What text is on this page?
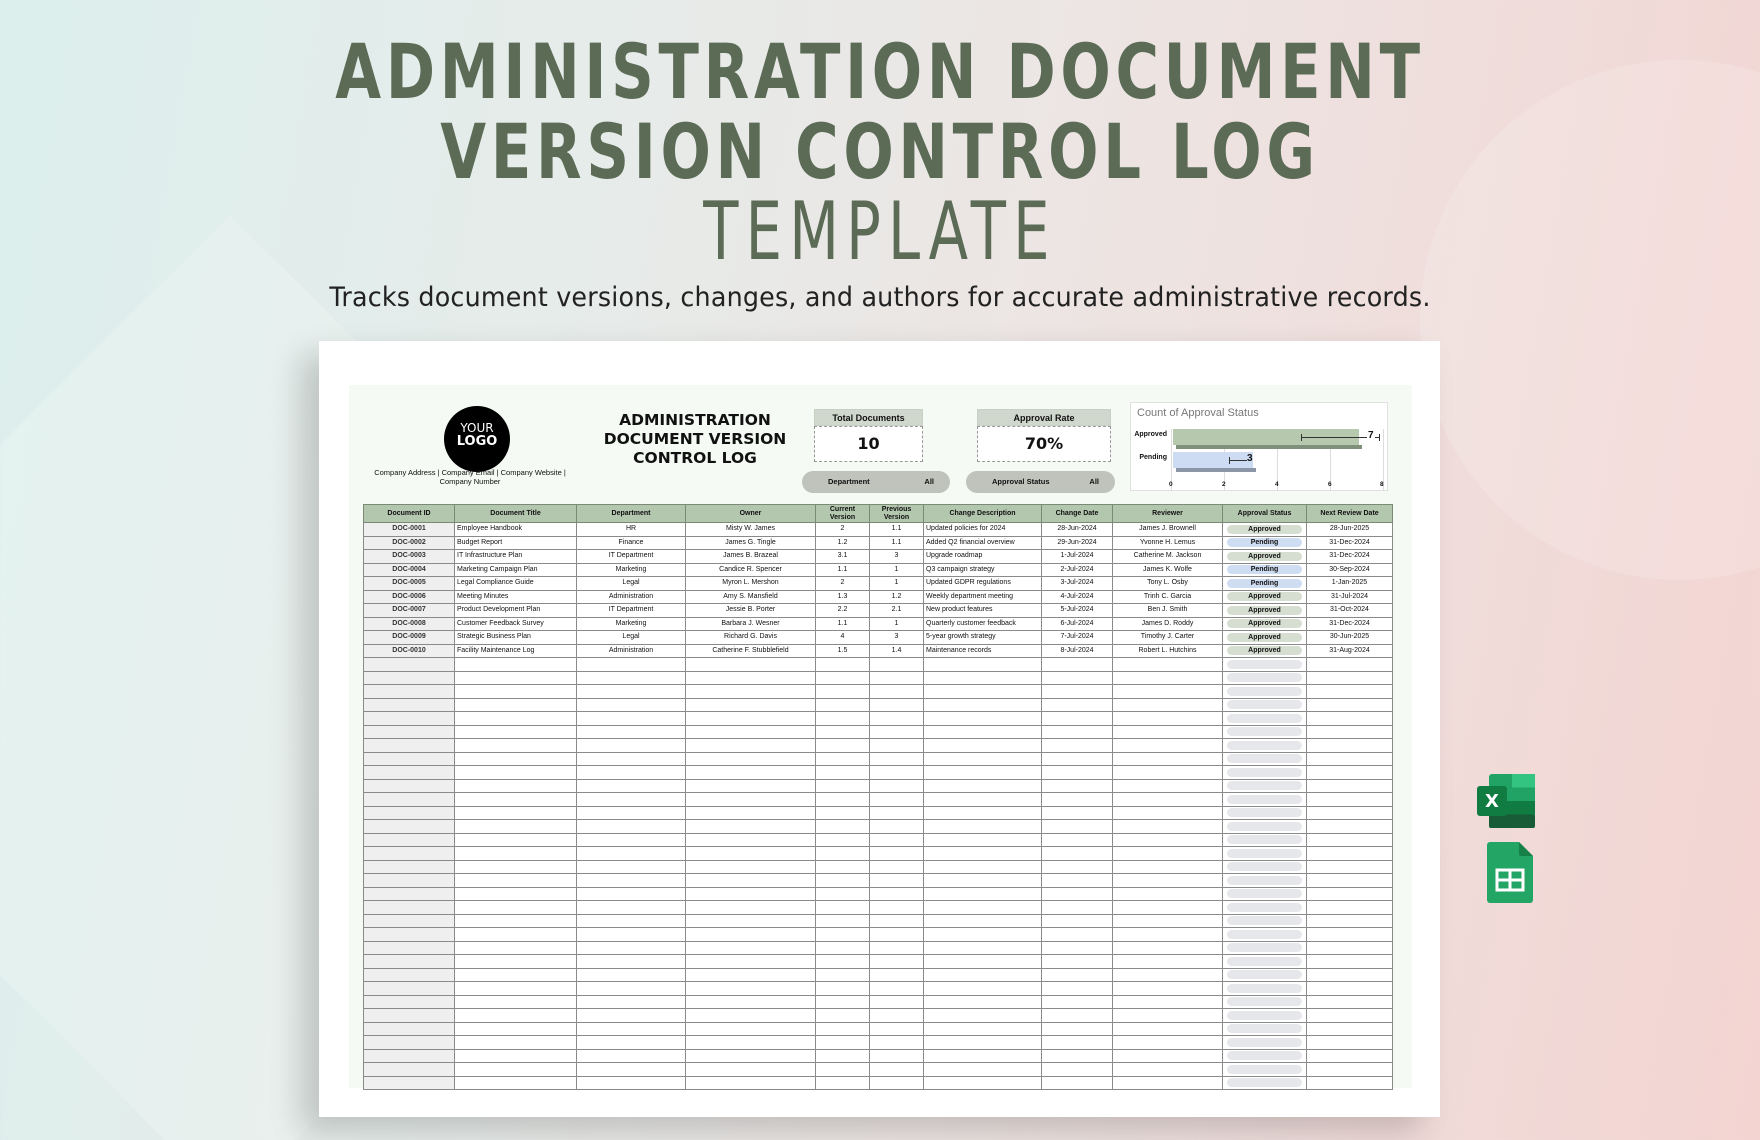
ADMINISTRATION DOCUMENT
VERSION CONTROL LOG
TEMPLATE
Tracks document versions, changes, and authors for accurate administrative records.
YOUR
LOGO
Company Address | Company Email | Company Website | Company Number
ADMINISTRATION DOCUMENT VERSION CONTROL LOG
Total Documents
10
Approval Rate
70%
Department	All	Approval Status	All
Count of Approval Status
Approved
Pending
0	2	4	6	8
7
3
Document ID	Document Title	Department	Owner	Current Version	Previous Version	Change Description	Change Date	Reviewer	Approval Status	Next Review Date
DOC-0001	Employee Handbook	HR	Misty W. James	2	1.1	Updated policies for 2024	28-Jun-2024	James J. Brownell	Approved	28-Jun-2025
DOC-0002	Budget Report	Finance	James G. Tingle	1.2	1.1	Added Q2 financial overview	29-Jun-2024	Yvonne H. Lemus	Pending	31-Dec-2024
DOC-0003	IT Infrastructure Plan	IT Department	James B. Brazeal	3.1	3	Upgrade roadmap	1-Jul-2024	Catherine M. Jackson	Approved	31-Dec-2024
DOC-0004	Marketing Campaign Plan	Marketing	Candice R. Spencer	1.1	1	Q3 campaign strategy	2-Jul-2024	James K. Wolfe	Pending	30-Sep-2024
DOC-0005	Legal Compliance Guide	Legal	Myron L. Mershon	2	1	Updated GDPR regulations	3-Jul-2024	Tony L. Osby	Pending	1-Jan-2025
DOC-0006	Meeting Minutes	Administration	Amy S. Mansfield	1.3	1.2	Weekly department meeting	4-Jul-2024	Trinh C. Garcia	Approved	31-Jul-2024
DOC-0007	Product Development Plan	IT Department	Jessie B. Porter	2.2	2.1	New product features	5-Jul-2024	Ben J. Smith	Approved	31-Oct-2024
DOC-0008	Customer Feedback Survey	Marketing	Barbara J. Wesner	1.1	1	Quarterly customer feedback	6-Jul-2024	James D. Roddy	Approved	31-Dec-2024
DOC-0009	Strategic Business Plan	Legal	Richard G. Davis	4	3	5-year growth strategy	7-Jul-2024	Timothy J. Carter	Approved	30-Jun-2025
DOC-0010	Facility Maintenance Log	Administration	Catherine F. Stubblefield	1.5	1.4	Maintenance records	8-Jul-2024	Robert L. Hutchins	Approved	31-Aug-2024

X
